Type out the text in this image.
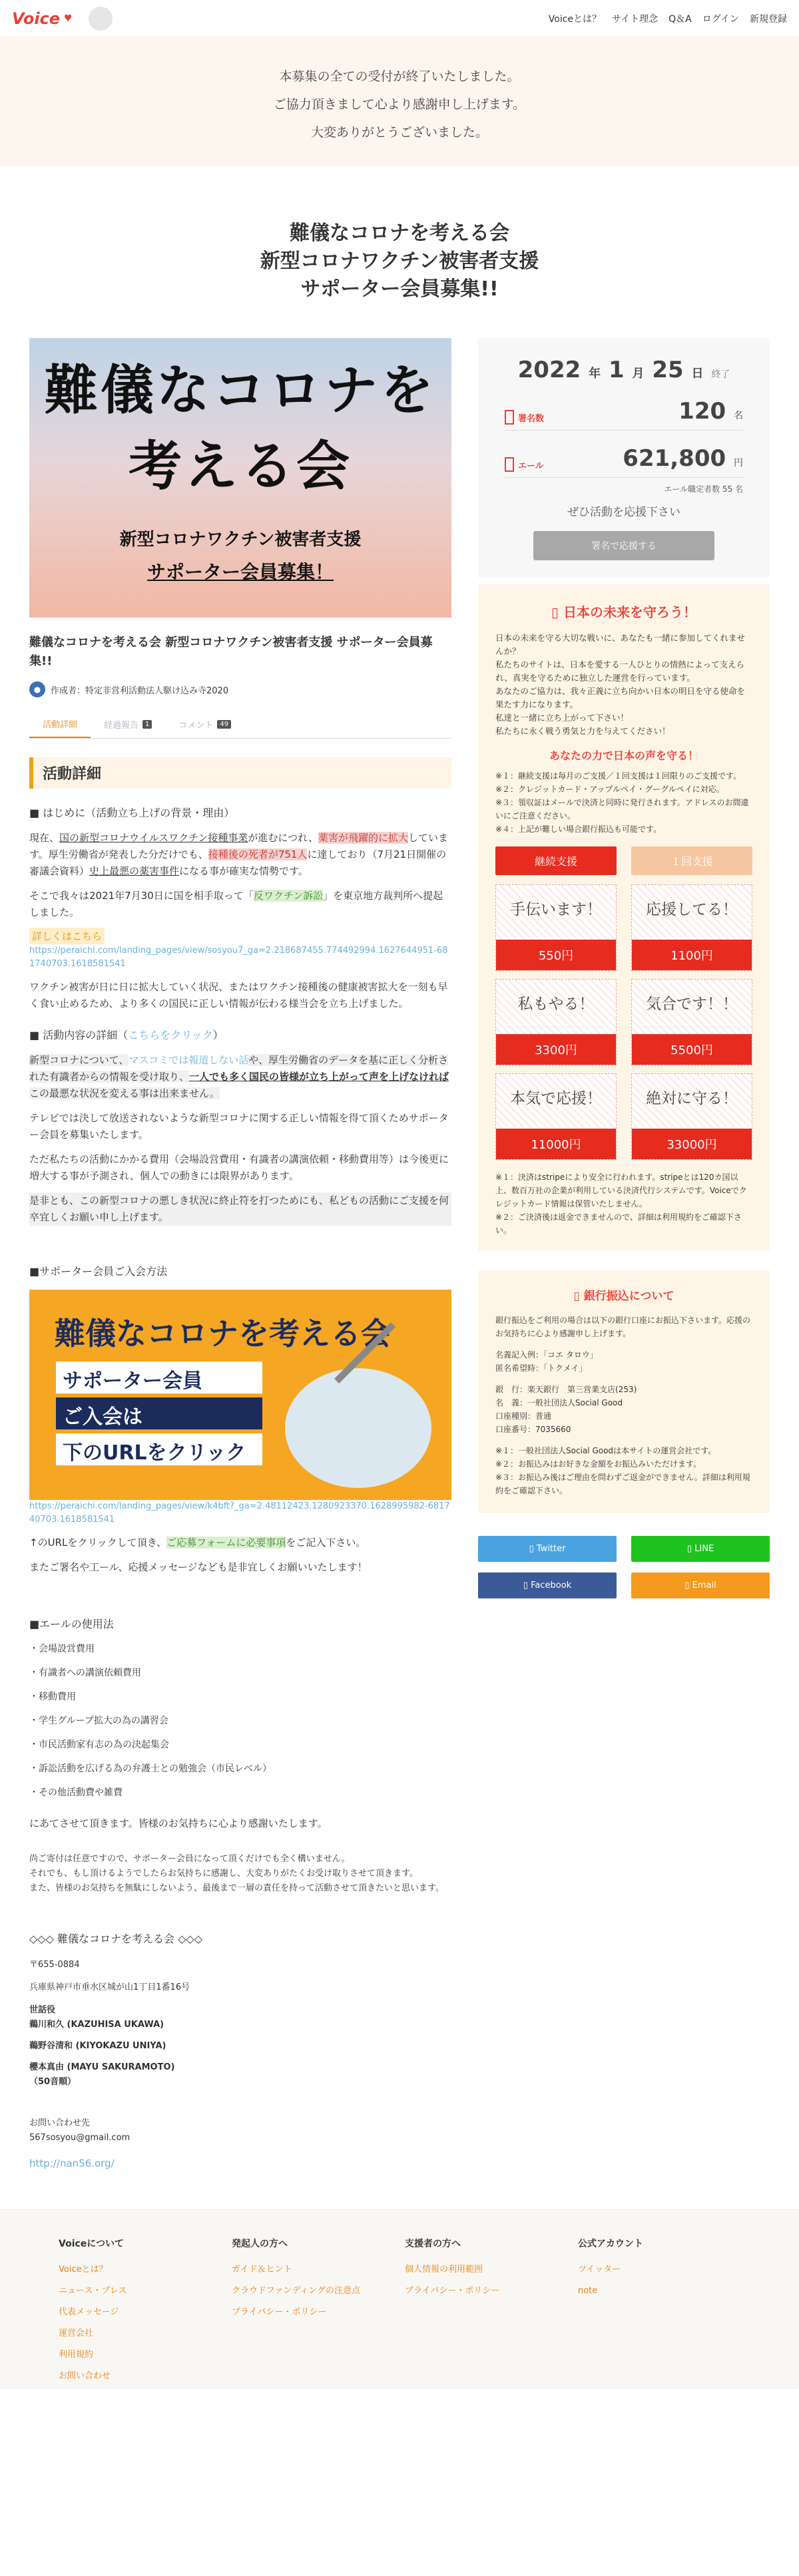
Voice ♥	Voiceとは？ サイト理念 Q＆A ログイン 新規登録
本募集の全ての受付が終了いたしました。
ご協力頂きまして心より感謝申し上げます。
大変ありがとうございました。
難儀なコロナを考える会
新型コロナワクチン被害者支援
サポーター会員募集!!
難儀なコロナを
考える会
新型コロナワクチン被害者支援
サポーター会員募集！
難儀なコロナを考える会 新型コロナワクチン被害者支援 サポーター会員募集!!
●	作成者：特定非営利活動法人駆け込み寺2020
活動詳細	経過報告	1	コメント	49
活動詳細
■ はじめに（活動立ち上げの背景・理由）
現在、国の新型コロナウイルスワクチン接種事業が進むにつれ、薬害が飛躍的に拡大しています。厚生労働省が発表した分だけでも、接種後の死者が751人に達しており（7月21日開催の審議会資料）史上最悪の薬害事件になる事が確実な情勢です。
そこで我々は2021年7月30日に国を相手取って「反ワクチン訴訟」を東京地方裁判所へ提起しました。
詳しくはこちら
https://peraichi.com/landing_pages/view/sosyou7_ga=2.218687455.774492994.1627644951-681740703.1618581541
ワクチン被害が日に日に拡大していく状況、またはワクチン接種後の健康被害拡大を一刻も早く食い止めるため、より多くの国民に正しい情報が伝わる様当会を立ち上げました。
■ 活動内容の詳細（こちらをクリック）
新型コロナについて、マスコミでは報道しない話や、厚生労働省のデータを基に正しく分析された有識者からの情報を受け取り、一人でも多く国民の皆様が立ち上がって声を上げなければこの最悪な状況を変える事は出来ません。
テレビでは決して放送されないような新型コロナに関する正しい情報を得て頂くためサポーター会員を募集いたします。
ただ私たちの活動にかかる費用（会場設営費用・有識者の講演依頼・移動費用等）は今後更に増大する事が予測され、個人での動きには限界があります。
是非とも、この新型コロナの悪しき状況に終止符を打つためにも、私どもの活動にご支援を何卒宜しくお願い申し上げます。
■サポーター会員ご入会方法
難儀なコロナを考える会
サポーター会員
ご入会は
下のURLをクリック
https://peraichi.com/landing_pages/view/k4bft?_ga=2.48112423.1280923370.1628995982-681740703.1618581541
↑のURLをクリックして頂き、ご応募フォームに必要事項をご記入下さい。
またご署名や工ール、応援メッセージなども是非宜しくお願いいたします！
■エールの使用法
・会場設営費用
・有識者への講演依頼費用
・移動費用
・学生グループ拡大の為の講習会
・市民活動家有志の為の決起集会
・訴訟活動を広げる為の弁護士との勉強会（市民レベル）
・その他活動費や雑費
にあてさせて頂きます。皆様のお気持ちに心より感謝いたします。
尚ご寄付は任意ですので、サポーター会員になって頂くだけでも全く構いません。
それでも、もし頂けるようでしたらお気持ちに感謝し、大変ありがたくお受け取りさせて頂きます。
また、皆様のお気持ちを無駄にしないよう、最後まで一層の責任を持って活動させて頂きたいと思います。
◇◇◇ 難儀なコロナを考える会 ◇◇◇
〒655-0884
兵庫県神戸市垂水区城が山1丁目1番16号
世話役
鵜川和久 (KAZUHISA UKAWA)
鵜野谷清和 (KIYOKAZU UNIYA)
櫻本真由 (MAYU SAKURAMOTO)
（50音順）
お問い合わせ先
567sosyou@gmail.com
http://nan56.org/
2022 年 1 月 25 日 終了
署名数	120 名
エール	621,800 円
エール職定者数 55 名
ぜひ活動を応援下さい
署名で応援する
▯ 日本の未来を守ろう！
日本の未来を守る大切な戦いに、あなたも一緒に参加してくれませんか？
私たちのサイトは、日本を愛する一人ひとりの情熱によって支えられ、真実を守るために独立した運営を行っています。
あなたのご協力は、我々正義に立ち向かい日本の明日を守る使命を果たす力になります。
私達と一緒に立ち上がって下さい！
私たちに永く戦う勇気と力を与えてください！
あなたの力で日本の声を守る！
※１：継続支援は毎月のご支援／１回支援は１回限りのご支援です。
※２：クレジットカード・アップルペイ・グーグルペイに対応。
※３：領収証はメールで決済と同時に発行されます。アドレスのお間違いにご注意ください。
※４：上記が難しい場合銀行振込も可能です。
継続支援	１回支援
手伝います！
550円
応援してる！
1100円
私もやる！
3300円
気合です！！
5500円
本気で応援！
11000円
絶対に守る！
33000円
※１：決済はstripeにより安全に行われます。stripeとは120カ国以上、数百万社の企業が利用している決済代行システムです。Voiceでクレジットカード情報は保管いたしません。
※２：ご決済後は返金できませんので、詳細は利用規約をご確認下さい。
▯ 銀行振込について
銀行振込をご利用の場合は以下の銀行口座にお振込下さいます。応援のお気持ちに心より感謝申し上げます。
名義記入例：「コエ タロウ」
匿名希望時：「トクメイ」
銀　行：楽天銀行　第三営業支店(253)
名　義：一般社団法人Social Good
口座種別：普通
口座番号：7035660
※１：一般社団法人Social Goodは本サイトの運営会社です。
※２：お振込みはお好きな金額をお振込みいただけます。
※３：お振込み後はご理由を問わずご返金ができません。詳細は利用規約をご確認下さい。
▯ Twitter	▯ LINE
▯ Facebook	▯ Email
Voiceについて
Voiceとは？
ニュース・プレス
代表メッセージ
運営会社
利用規約
お問い合わせ
発起人の方へ
ガイド＆ヒント
クラウドファンディングの注意点
プライバシー・ポリシー
支援者の方へ
個人情報の利用範囲
プライバシー・ポリシー
公式アカウント
ツイッター
note
